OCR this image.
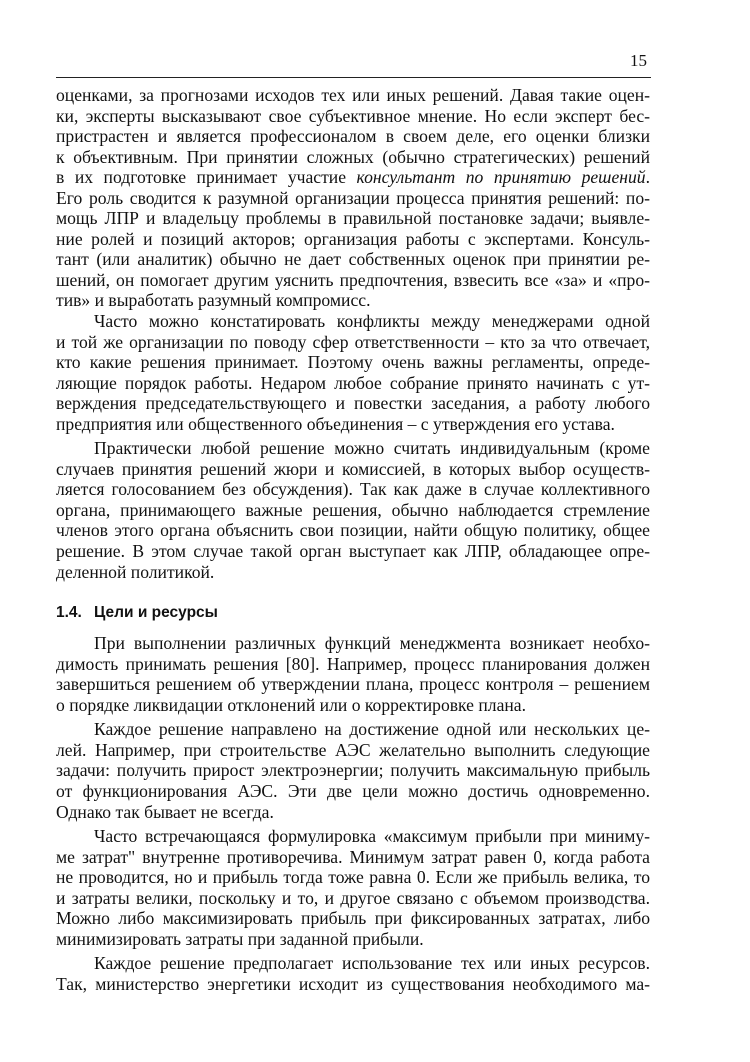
15

оценками, за прогнозами исходов тех или иных решений. Давая такие оцен-
ки, эксперты высказывают свое субъективное мнение. Но если эксперт бес-
пристрастен и является профессионалом в своем деле, его оценки близки
к объективным. При принятии сложных (обычно стратегических) решений
в их подготовке принимает участие консультант по принятию решений.
Его роль сводится к разумной организации процесса принятия решений: по-
мощь ЛПР и владельцу проблемы в правильной постановке задачи; выявле-
ние ролей и позиций акторов; организация работы с экспертами. Консуль-
тант (или аналитик) обычно не дает собственных оценок при принятии ре-
шений, он помогает другим уяснить предпочтения, взвесить все «за» и «про-
тив» и выработать разумный компромисс.

Часто можно констатировать конфликты между менеджерами одной
и той же организации по поводу сфер ответственности – кто за что отвечает,
кто какие решения принимает. Поэтому очень важны регламенты, опреде-
ляющие порядок работы. Недаром любое собрание принято начинать с ут-
верждения председательствующего и повестки заседания, а работу любого
предприятия или общественного объединения – с утверждения его устава.

Практически любой решение можно считать индивидуальным (кроме
случаев принятия решений жюри и комиссией, в которых выбор осуществ-
ляется голосованием без обсуждения). Так как даже в случае коллективного
органа, принимающего важные решения, обычно наблюдается стремление
членов этого органа объяснить свои позиции, найти общую политику, общее
решение. В этом случае такой орган выступает как ЛПР, обладающее опре-
деленной политикой.

1.4. Цели и ресурсы

При выполнении различных функций менеджмента возникает необхо-
димость принимать решения [80]. Например, процесс планирования должен
завершиться решением об утверждении плана, процесс контроля – решением
о порядке ликвидации отклонений или о корректировке плана.

Каждое решение направлено на достижение одной или нескольких це-
лей. Например, при строительстве АЭС желательно выполнить следующие
задачи: получить прирост электроэнергии; получить максимальную прибыль
от функционирования АЭС. Эти две цели можно достичь одновременно.
Однако так бывает не всегда.

Часто встречающаяся формулировка «максимум прибыли при миниму-
ме затрат" внутренне противоречива. Минимум затрат равен 0, когда работа
не проводится, но и прибыль тогда тоже равна 0. Если же прибыль велика, то
и затраты велики, поскольку и то, и другое связано с объемом производства.
Можно либо максимизировать прибыль при фиксированных затратах, либо
минимизировать затраты при заданной прибыли.

Каждое решение предполагает использование тех или иных ресурсов.
Так, министерство энергетики исходит из существования необходимого ма-
